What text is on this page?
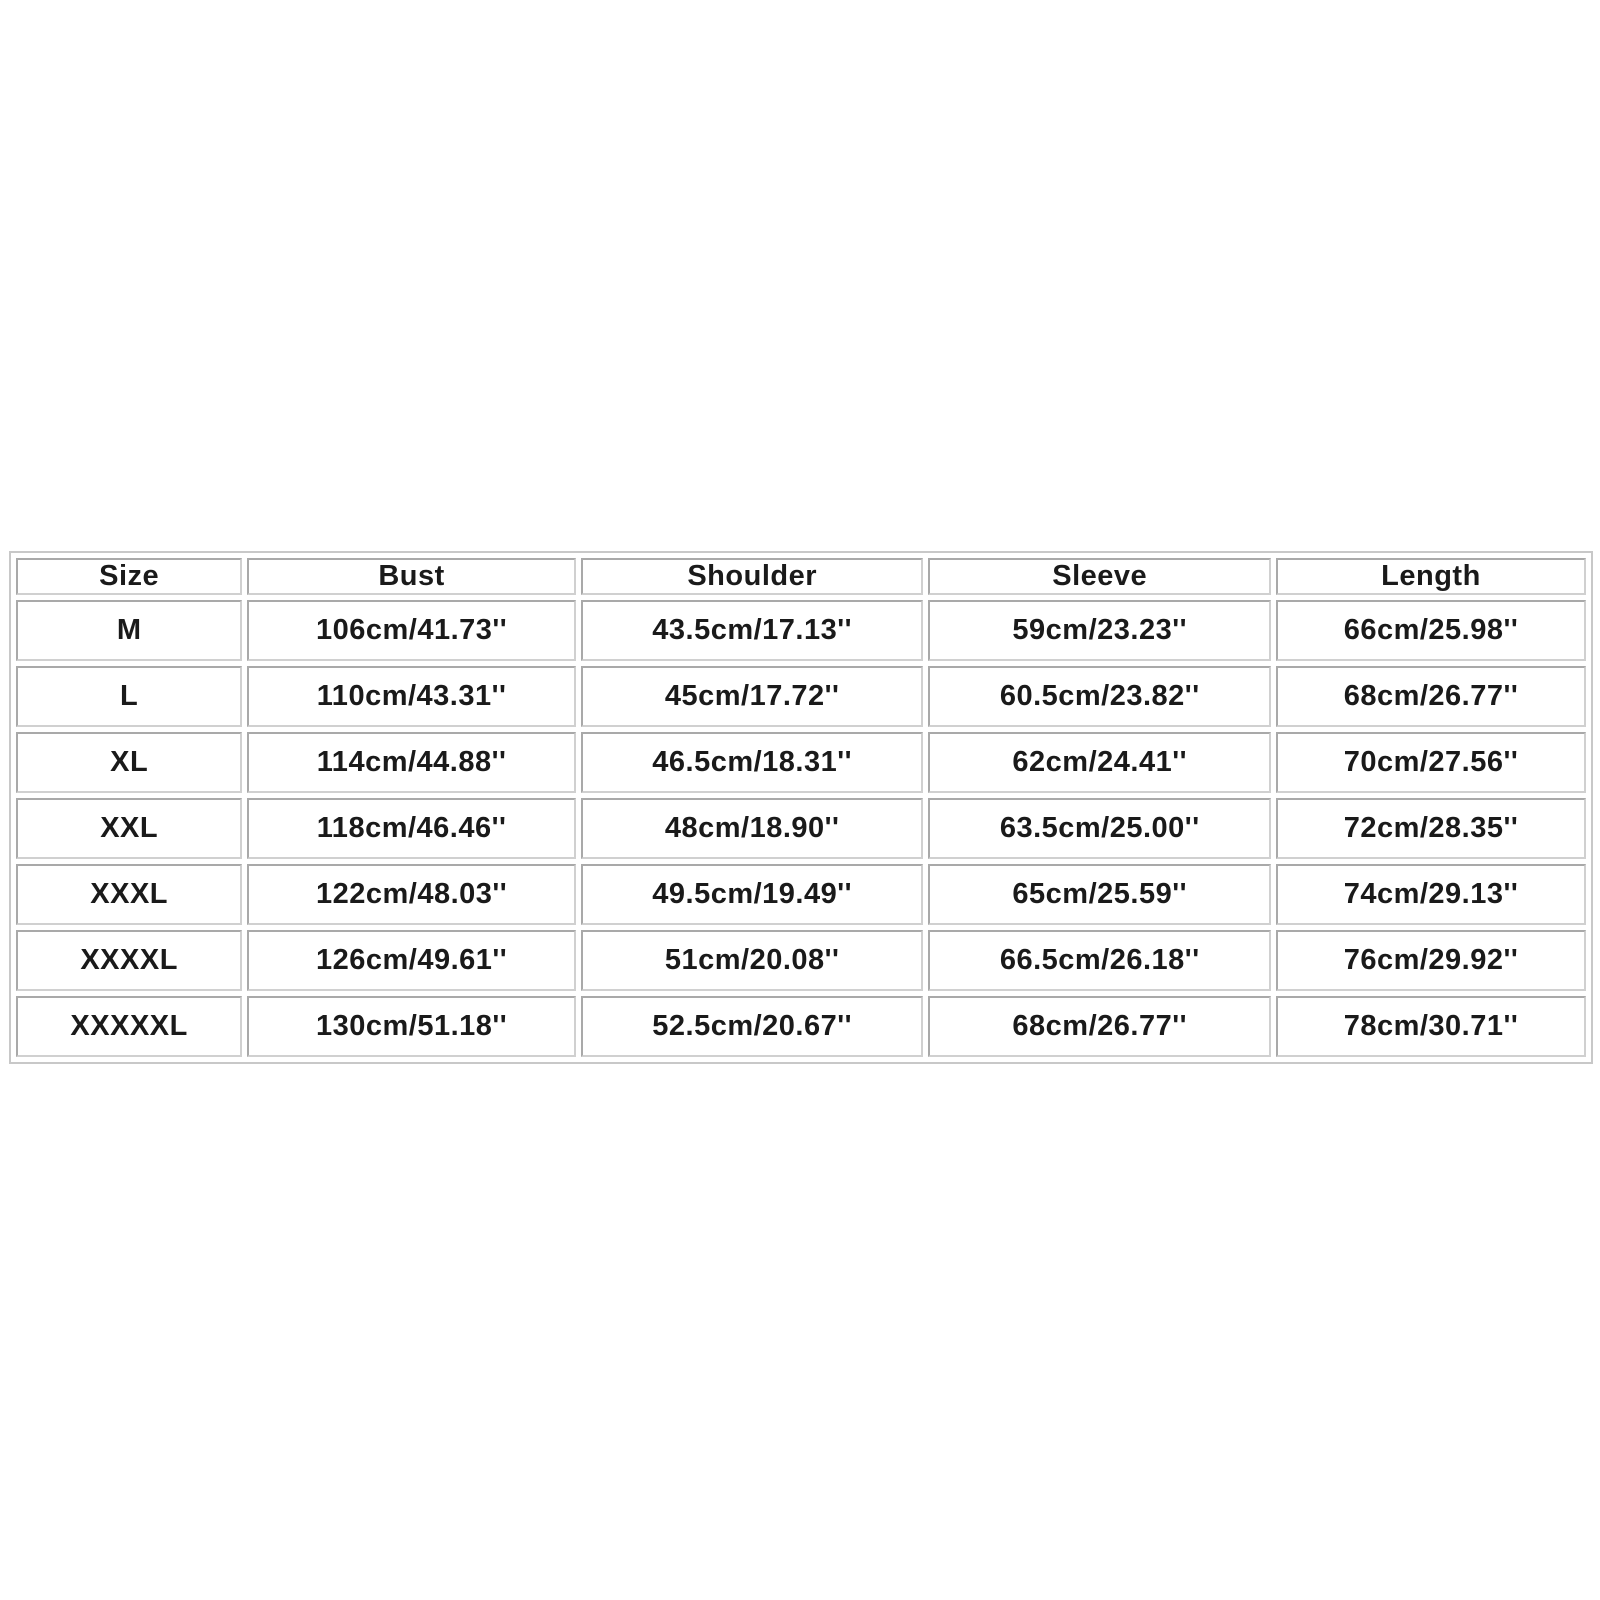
Size	Bust	Shoulder	Sleeve	Length
M	106cm/41.73''	43.5cm/17.13''	59cm/23.23''	66cm/25.98''
L	110cm/43.31''	45cm/17.72''	60.5cm/23.82''	68cm/26.77''
XL	114cm/44.88''	46.5cm/18.31''	62cm/24.41''	70cm/27.56''
XXL	118cm/46.46''	48cm/18.90''	63.5cm/25.00''	72cm/28.35''
XXXL	122cm/48.03''	49.5cm/19.49''	65cm/25.59''	74cm/29.13''
XXXXL	126cm/49.61''	51cm/20.08''	66.5cm/26.18''	76cm/29.92''
XXXXXL	130cm/51.18''	52.5cm/20.67''	68cm/26.77''	78cm/30.71''
